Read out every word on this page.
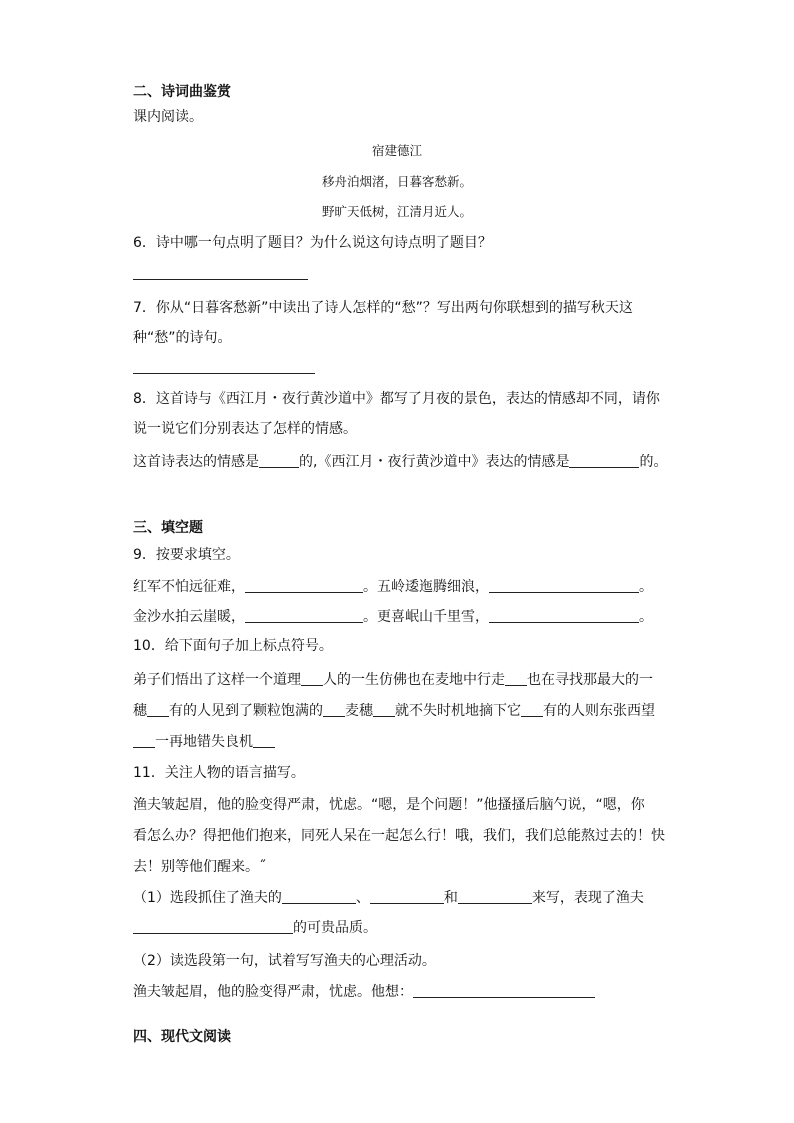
二、诗词曲鉴赏
课内阅读。
宿建德江
移舟泊烟渚，日暮客愁新。
野旷天低树，江清月近人。
6．诗中哪一句点明了题目？为什么说这句诗点明了题目？
7．你从“日暮客愁新”中读出了诗人怎样的“愁”？写出两句你联想到的描写秋天这
种“愁”的诗句。
8．这首诗与《西江月・夜行黄沙道中》都写了月夜的景色，表达的情感却不同，请你
说一说它们分别表达了怎样的情感。
这首诗表达的情感是	的,《西江月・夜行黄沙道中》表达的情感是	的。
三、填空题
9．按要求填空。
红军不怕远征难，	。五岭逶迤腾细浪，	。
金沙水拍云崖暖，	。更喜岷山千里雪，	。
10．给下面句子加上标点符号。
弟子们悟出了这样一个道理 人的一生仿佛也在麦地中行走 也在寻找那最大的一
穗 有的人见到了颗粒饱满的 麦穗 就不失时机地摘下它 有的人则东张西望
一再地错失良机
11．关注人物的语言描写。
渔夫皱起眉，他的脸变得严肃，忧虑。“嗯，是个问题！”他搔搔后脑勺说，“嗯，你
看怎么办？得把他们抱来，同死人呆在一起怎么行！哦，我们，我们总能熬过去的！快
去！别等他们醒来。˝
（1）选段抓住了渔夫的	、	和	来写，表现了渔夫
的可贵品质。
（2）读选段第一句，试着写写渔夫的心理活动。
渔夫皱起眉，他的脸变得严肃，忧虑。他想：
四、现代文阅读
